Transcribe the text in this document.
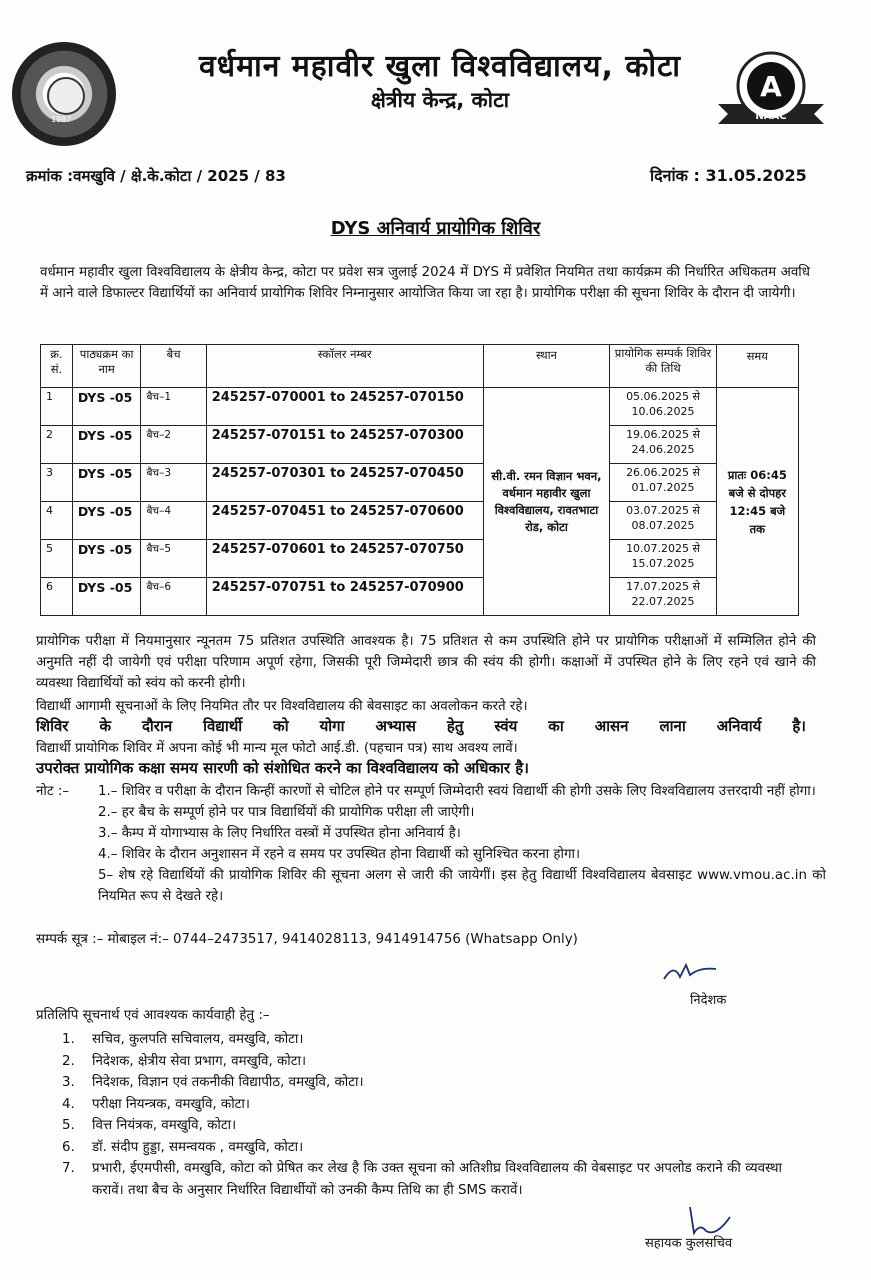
1987
वर्धमान महावीर खुला विश्वविद्यालय, कोटा
क्षेत्रीय केन्द्र, कोटा	A
NAAC
क्रमांक :वमखुवि / क्षे.के.कोटा / 2025 / 83	दिनांक : 31.05.2025
DYS अनिवार्य प्रायोगिक शिविर
वर्धमान महावीर खुला विश्वविद्यालय के क्षेत्रीय केन्द्र, कोटा पर प्रवेश सत्र जुलाई 2024 में DYS में प्रवेशित नियमित तथा कार्यक्रम की निर्धारित अधिकतम अवधि में आने वाले डिफाल्टर विद्यार्थियों का अनिवार्य प्रायोगिक शिविर निम्नानुसार आयोजित किया जा रहा है। प्रायोगिक परीक्षा की सूचना शिविर के दौरान दी जायेगी।
क्र. सं.	पाठ्यक्रम का नाम	बैच	स्कॉलर नम्बर	स्थान	प्रायोगिक सम्पर्क शिविर की तिथि	समय
1	DYS -05	बैच–1	245257-070001 to 245257-070150	सी.वी. रमन विज्ञान भवन, वर्धमान महावीर खुला विश्वविद्यालय, रावतभाटा रोड, कोटा	05.06.2025 से 10.06.2025	प्रातः 06:45 बजे से दोपहर 12:45 बजे तक
2	DYS -05	बैच–2	245257-070151 to 245257-070300		19.06.2025 से 24.06.2025	
3	DYS -05	बैच–3	245257-070301 to 245257-070450		26.06.2025 से 01.07.2025	
4	DYS -05	बैच–4	245257-070451 to 245257-070600		03.07.2025 से 08.07.2025	
5	DYS -05	बैच–5	245257-070601 to 245257-070750		10.07.2025 से 15.07.2025	
6	DYS -05	बैच–6	245257-070751 to 245257-070900		17.07.2025 से 22.07.2025	
प्रायोगिक परीक्षा में नियमानुसार न्यूनतम 75 प्रतिशत उपस्थिति आवश्यक है। 75 प्रतिशत से कम उपस्थिति होने पर प्रायोगिक परीक्षाओं में सम्मिलित होने की अनुमति नहीं दी जायेगी एवं परीक्षा परिणाम अपूर्ण रहेगा, जिसकी पूरी जिम्मेदारी छात्र की स्वंय की होगी। कक्षाओं में उपस्थित होने के लिए रहने एवं खाने की व्यवस्था विद्यार्थियों को स्वंय को करनी होगी।
विद्यार्थी आगामी सूचनाओं के लिए नियमित तौर पर विश्वविद्यालय की बेवसाइट का अवलोकन करते रहे।
शिविर के दौरान विद्यार्थी को योगा अभ्यास हेतु स्वंय का आसन लाना अनिवार्य है।
विद्यार्थी प्रायोगिक शिविर में अपना कोई भी मान्य मूल फोटो आई.डी. (पहचान पत्र) साथ अवश्य लावें।
उपरोक्त प्रायोगिक कक्षा समय सारणी को संशोधित करने का विश्वविद्यालय को अधिकार है।
नोट :–	1.– शिविर व परीक्षा के दौरान किन्हीं कारणों से चोटिल होने पर सम्पूर्ण जिम्मेदारी स्वयं विद्यार्थी की होगी उसके लिए विश्वविद्यालय उत्तरदायी नहीं होगा।
2.– हर बैच के सम्पूर्ण होने पर पात्र विद्यार्थियों की प्रायोगिक परीक्षा ली जाऐगी।
3.– कैम्प में योगाभ्यास के लिए निर्धारित वस्त्रों में उपस्थित होना अनिवार्य है।
4.– शिविर के दौरान अनुशासन में रहने व समय पर उपस्थित होना विद्यार्थी को सुनिश्चित करना होगा।
5– शेष रहे विद्यार्थियों की प्रायोगिक शिविर की सूचना अलग से जारी की जायेगीं। इस हेतु विद्यार्थी विश्वविद्यालय बेवसाइट www.vmou.ac.in को नियमित रूप से देखते रहे।
सम्पर्क सूत्र :– मोबाइल नं:– 0744–2473517, 9414028113, 9414914756 (Whatsapp Only)
निदेशक
प्रतिलिपि सूचनार्थ एवं आवश्यक कार्यवाही हेतु :–
1.	सचिव, कुलपति सचिवालय, वमखुवि, कोटा।
2.	निदेशक, क्षेत्रीय सेवा प्रभाग, वमखुवि, कोटा।
3.	निदेशक, विज्ञान एवं तकनीकी विद्यापीठ, वमखुवि, कोटा।
4.	परीक्षा नियन्त्रक, वमखुवि, कोटा।
5.	वित्त नियंत्रक, वमखुवि, कोटा।
6.	डॉ. संदीप हुड्डा, समन्वयक , वमखुवि, कोटा।
7.	प्रभारी, ईएमपीसी, वमखुवि, कोटा को प्रेषित कर लेख है कि उक्त सूचना को अतिशीघ्र विश्वविद्यालय की वेबसाइट पर अपलोड कराने की व्यवस्था करावें। तथा बैच के अनुसार निर्धारित विद्यार्थीयों को उनकी कैम्प तिथि का ही SMS करावें।
सहायक कुलसचिव
